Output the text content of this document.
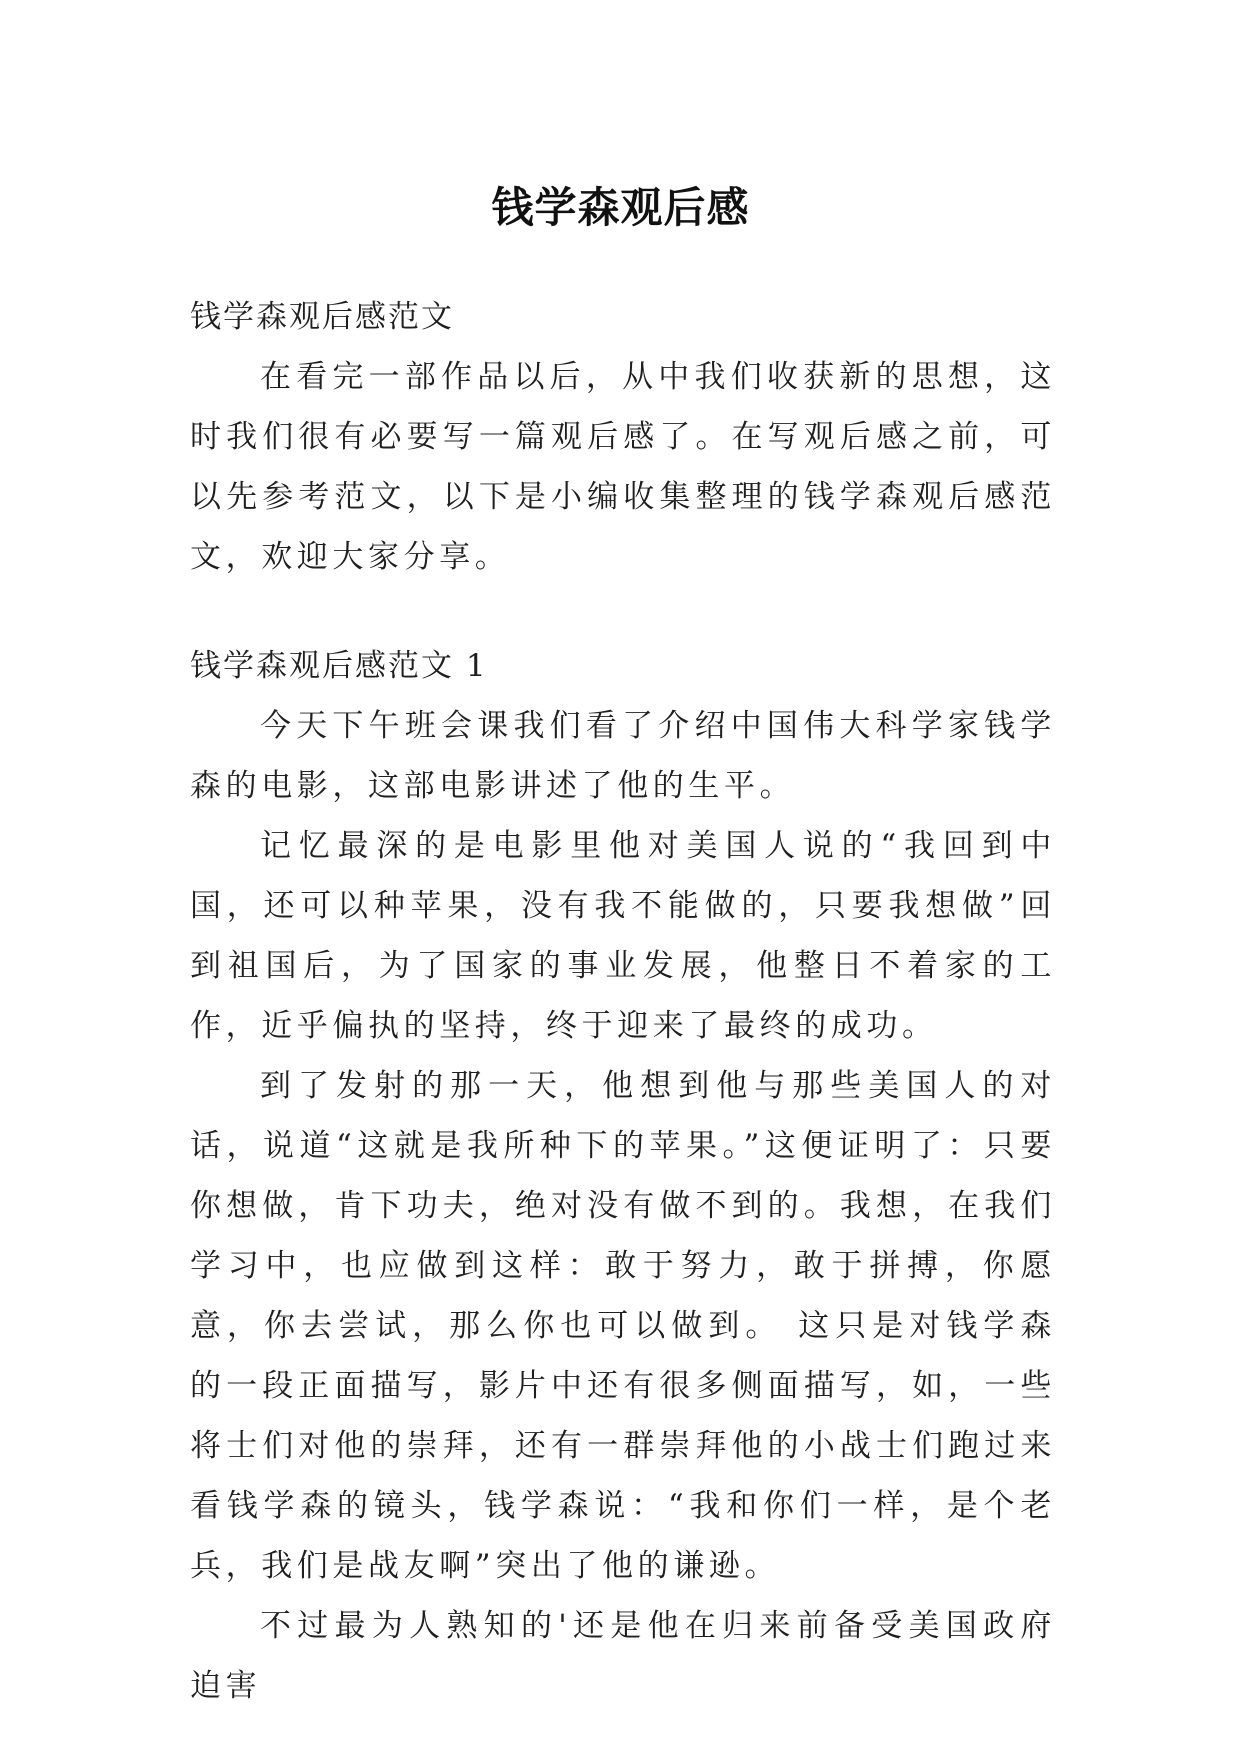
钱学森观后感

钱学森观后感范文

在看完一部作品以后，从中我们收获新的思想，这时我们很有必要写一篇观后感了。在写观后感之前，可以先参考范文，以下是小编收集整理的钱学森观后感范文，欢迎大家分享。

钱学森观后感范文 1

今天下午班会课我们看了介绍中国伟大科学家钱学森的电影，这部电影讲述了他的生平。

记忆最深的是电影里他对美国人说的“我回到中国，还可以种苹果，没有我不能做的，只要我想做”回到祖国后，为了国家的事业发展，他整日不着家的工作，近乎偏执的坚持，终于迎来了最终的成功。

到了发射的那一天，他想到他与那些美国人的对话，说道“这就是我所种下的苹果。”这便证明了：只要你想做，肯下功夫，绝对没有做不到的。我想，在我们学习中，也应做到这样：敢于努力，敢于拼搏，你愿意，你去尝试，那么你也可以做到。 这只是对钱学森的一段正面描写，影片中还有很多侧面描写，如，一些将士们对他的崇拜，还有一群崇拜他的小战士们跑过来看钱学森的镜头，钱学森说：“我和你们一样，是个老兵，我们是战友啊”突出了他的谦逊。

不过最为人熟知的'还是他在归来前备受美国政府迫害
